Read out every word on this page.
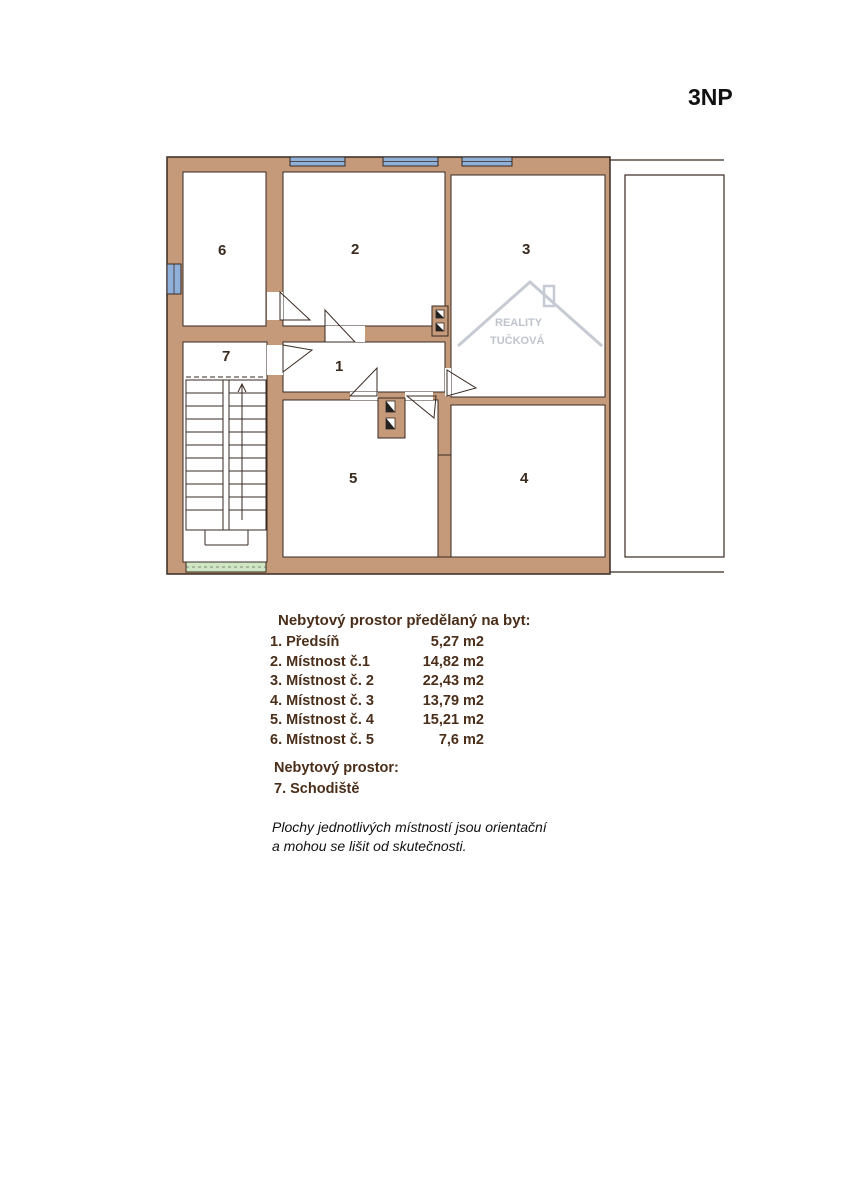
3NP
REALITY
TUČKOVÁ
6	2	3
7
1
5	4
Nebytový prostor předělaný na byt:
1. Předsíň	5,27 m2
2. Místnost č.1	14,82 m2
3. Místnost č. 2	22,43 m2
4. Místnost č. 3	13,79 m2
5. Místnost č. 4	15,21 m2
6. Místnost č. 5	7,6 m2
Nebytový prostor:
7. Schodiště
Plochy jednotlivých místností jsou orientační
a mohou se lišit od skutečnosti.
